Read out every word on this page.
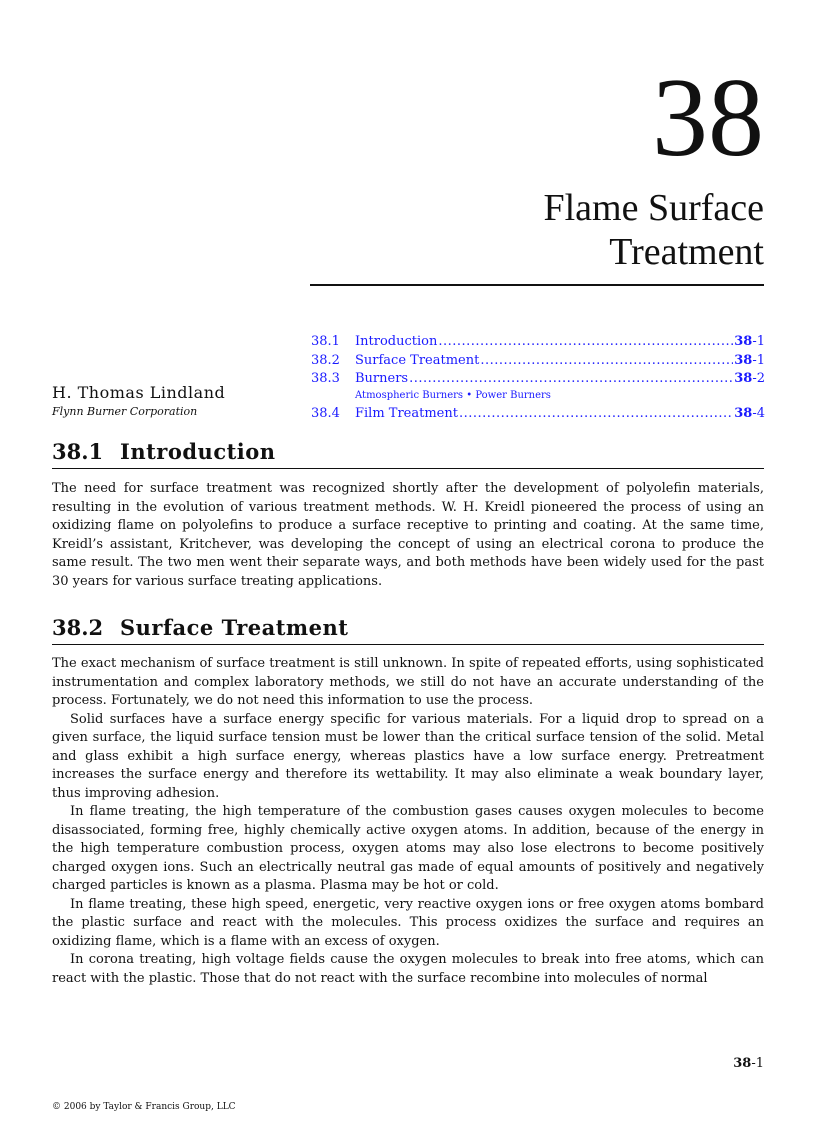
38
Flame Surface
Treatment
38.1	Introduction .....	38-1
38.2	Surface Treatment .....	38-1
38.3	Burners .....	38-2
Atmospheric Burners • Power Burners
38.4	Film Treatment .....	38-4
H. Thomas Lindland
Flynn Burner Corporation
38.1 Introduction

The need for surface treatment was recognized shortly after the development of polyolefin materials, resulting in the evolution of various treatment methods. W. H. Kreidl pioneered the process of using an oxidizing flame on polyolefins to produce a surface receptive to printing and coating. At the same time, Kreidl’s assistant, Kritchever, was developing the concept of using an electrical corona to produce the same result. The two men went their separate ways, and both methods have been widely used for the past 30 years for various surface treating applications.

38.2 Surface Treatment

The exact mechanism of surface treatment is still unknown. In spite of repeated efforts, using sophisticated instrumentation and complex laboratory methods, we still do not have an accurate understanding of the process. Fortunately, we do not need this information to use the process.

Solid surfaces have a surface energy specific for various materials. For a liquid drop to spread on a given surface, the liquid surface tension must be lower than the critical surface tension of the solid. Metal and glass exhibit a high surface energy, whereas plastics have a low surface energy. Pretreatment increases the surface energy and therefore its wettability. It may also eliminate a weak boundary layer, thus improving adhesion.

In flame treating, the high temperature of the combustion gases causes oxygen molecules to become disassociated, forming free, highly chemically active oxygen atoms. In addition, because of the energy in the high temperature combustion process, oxygen atoms may also lose electrons to become positively charged oxygen ions. Such an electrically neutral gas made of equal amounts of positively and negatively charged particles is known as a plasma. Plasma may be hot or cold.

In flame treating, these high speed, energetic, very reactive oxygen ions or free oxygen atoms bombard the plastic surface and react with the molecules. This process oxidizes the surface and requires an oxidizing flame, which is a flame with an excess of oxygen.

In corona treating, high voltage fields cause the oxygen molecules to break into free atoms, which can react with the plastic. Those that do not react with the surface recombine into molecules of normal

38-1
© 2006 by Taylor & Francis Group, LLC
